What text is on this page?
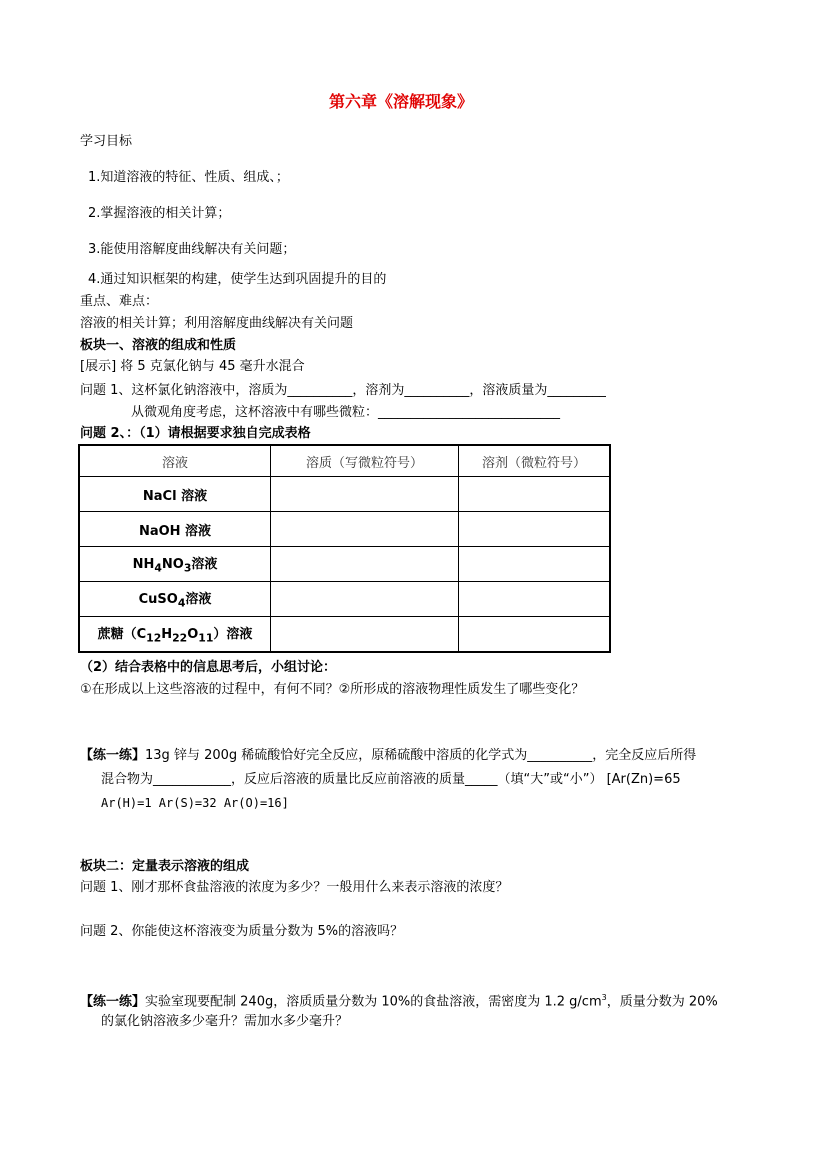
第六章《溶解现象》
学习目标
1.知道溶液的特征、性质、组成、；
2.掌握溶液的相关计算；
3.能使用溶解度曲线解决有关问题；
4.通过知识框架的构建，使学生达到巩固提升的目的
重点、难点：
溶液的相关计算；利用溶解度曲线解决有关问题
板块一、溶液的组成和性质
[展示] 将 5 克氯化钠与 45 毫升水混合
问题 1、这杯氯化钠溶液中，溶质为__________，溶剂为__________，溶液质量为_________
从微观角度考虑，这杯溶液中有哪些微粒：____________________________
问题 2、：（1）请根据要求独自完成表格
溶液	溶质（写微粒符号）	溶剂（微粒符号）
NaCl 溶液		
NaOH 溶液		
$NH_4NO_3$溶液		
CuSO$_4$溶液		
蔗糖$(C_{12}H_{22}O_{11})$溶液		
（2）结合表格中的信息思考后，小组讨论：
①在形成以上这些溶液的过程中，有何不同？②所形成的溶液物理性质发生了哪些变化？
【练一练】13g 锌与 200g 稀硫酸恰好完全反应，原稀硫酸中溶质的化学式为__________，完全反应后所得
混合物为____________，反应后溶液的质量比反应前溶液的质量_____（填“大”或“小”） [Ar(Zn)=65
Ar(H)=1 Ar(S)=32 Ar(O)=16]
板块二：定量表示溶液的组成
问题 1、刚才那杯食盐溶液的浓度为多少？一般用什么来表示溶液的浓度？
问题 2、你能使这杯溶液变为质量分数为 5%的溶液吗？
【练一练】实验室现要配制 240g，溶质质量分数为 10%的食盐溶液，需密度为 1.2 $g/cm^3$，质量分数为 20%
的氯化钠溶液多少毫升？需加水多少毫升？
